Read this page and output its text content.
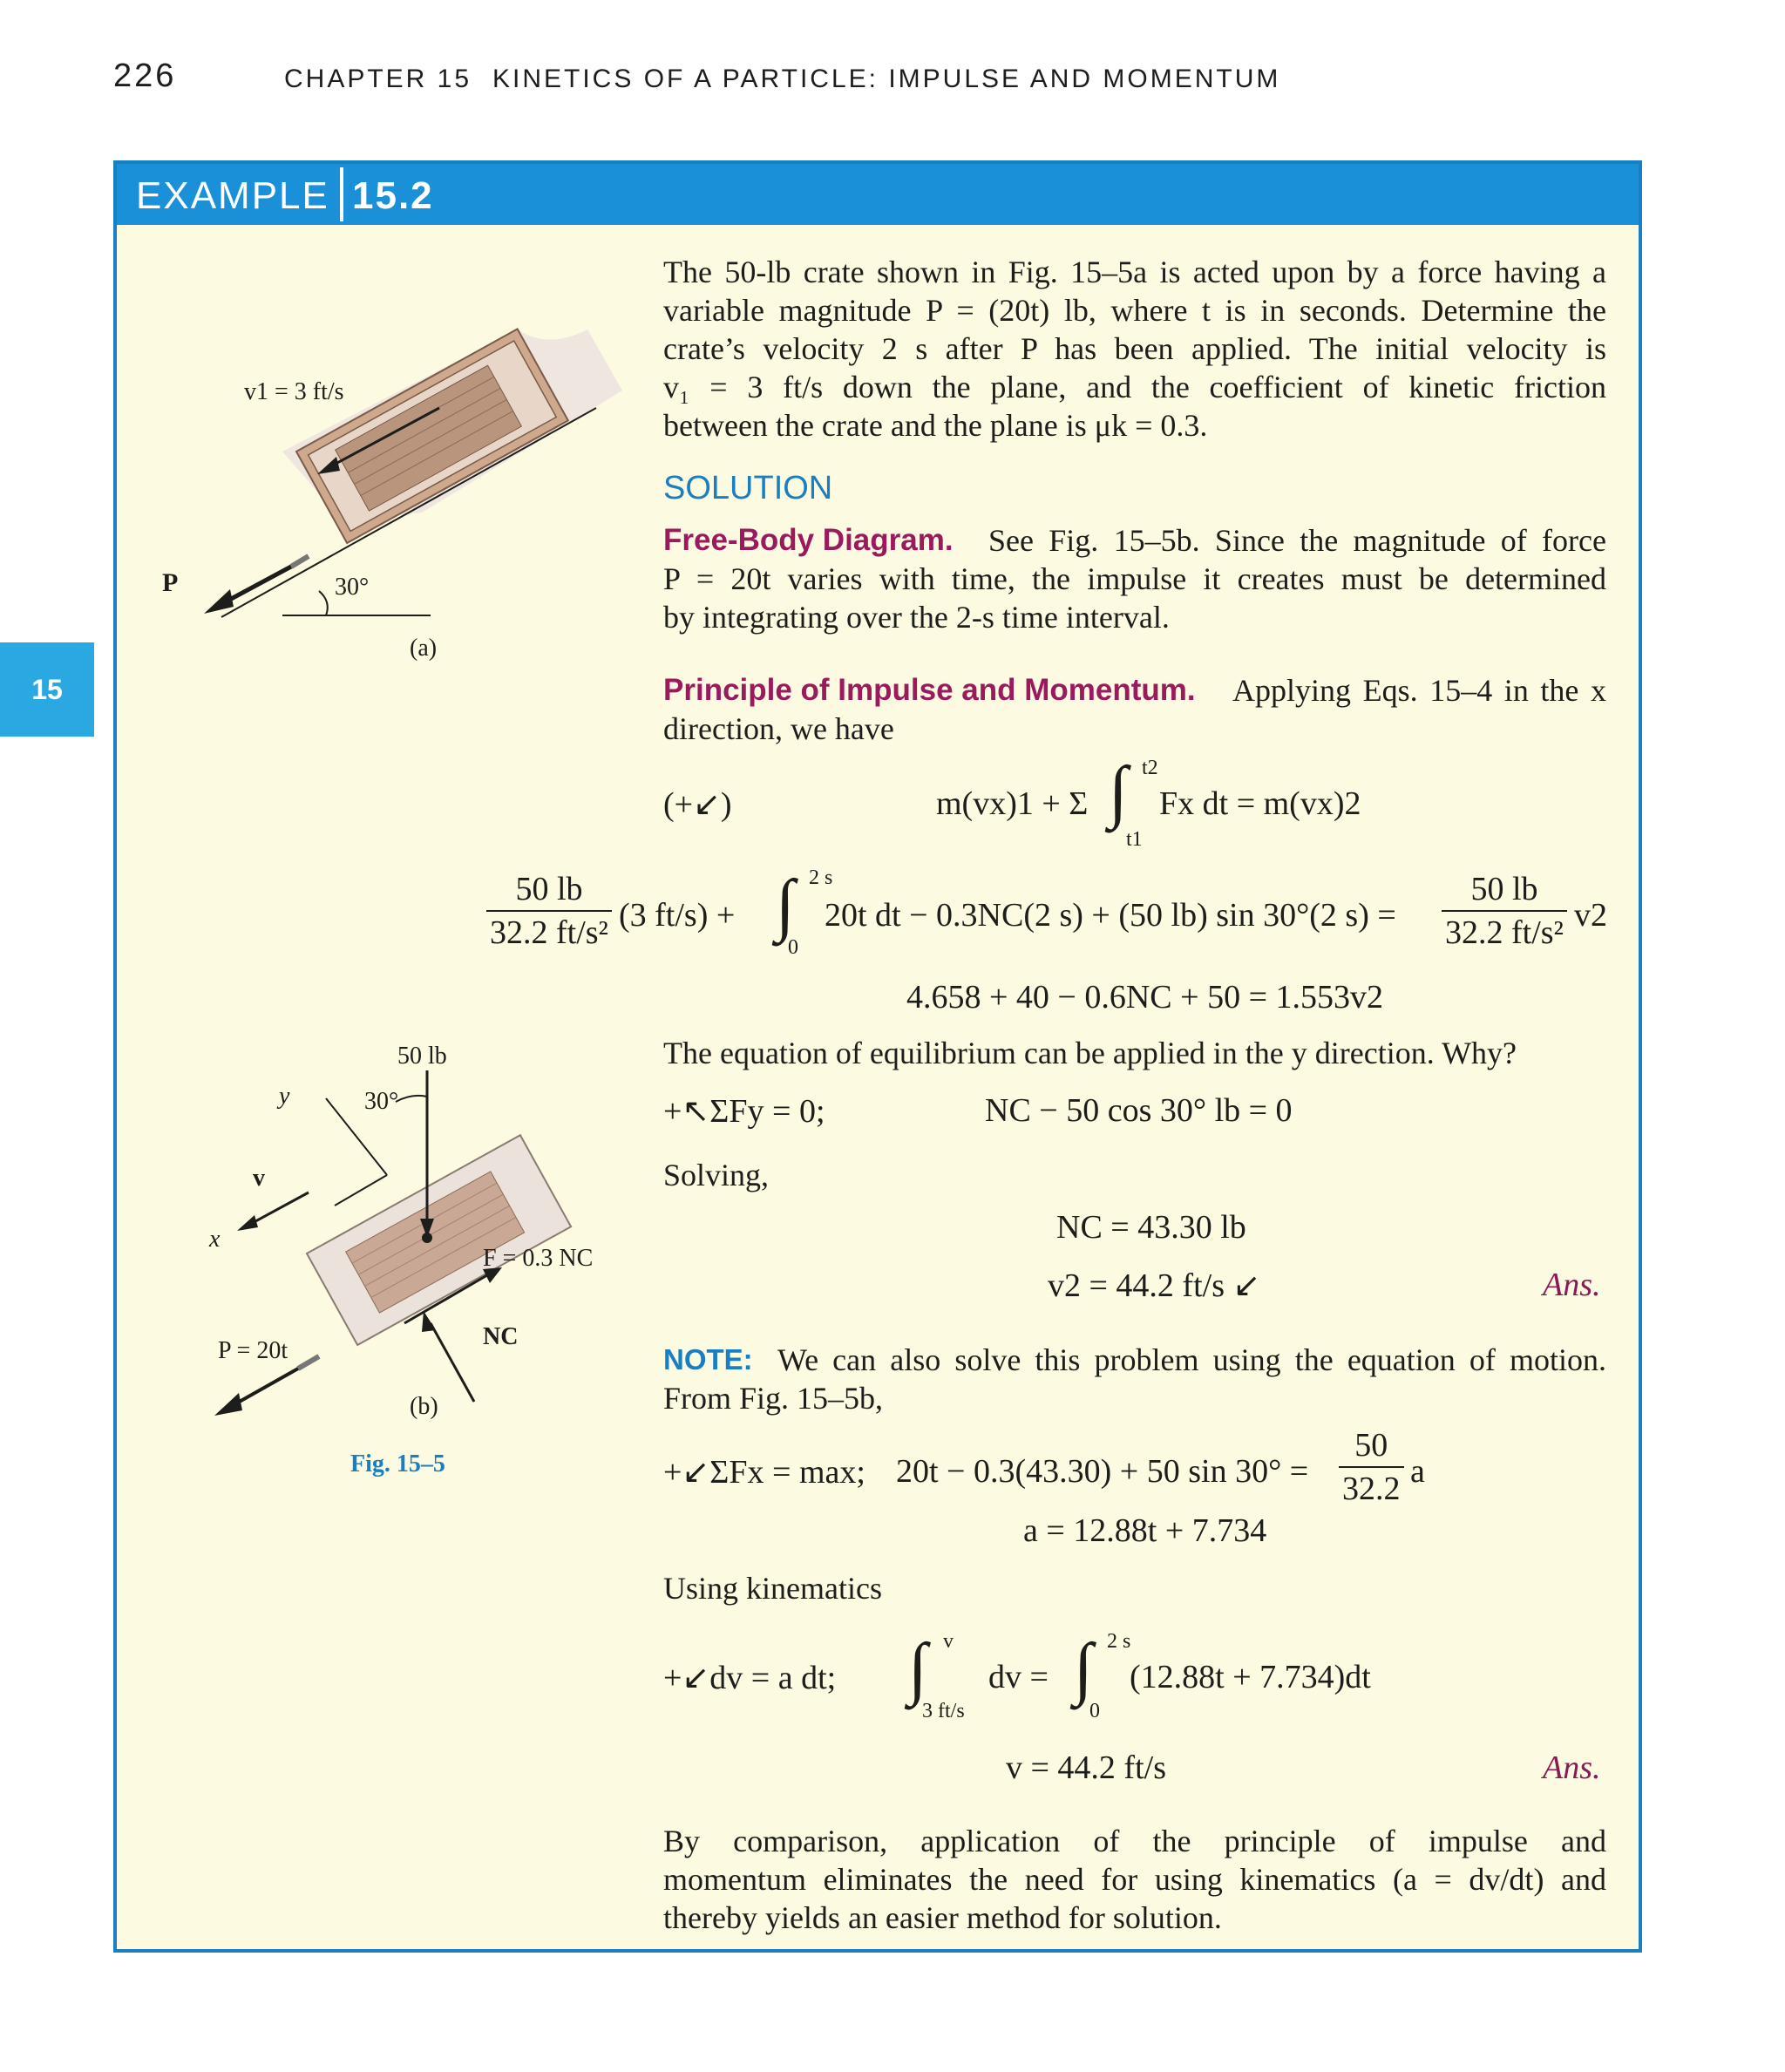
226	CHAPTER 15 KINETICS OF A PARTICLE: IMPULSE AND MOMENTUM
15
EXAMPLE 15.2
The 50-lb crate shown in Fig. 15–5a is acted upon by a force having a
variable magnitude P = (20t) lb, where t is in seconds. Determine the
crate’s velocity 2 s after P has been applied. The initial velocity is
v₁ = 3 ft/s down the plane, and the coefficient of kinetic friction
between the crate and the plane is μk = 0.3.
SOLUTION
Free-Body Diagram. See Fig. 15–5b. Since the magnitude of force
P = 20t varies with time, the impulse it creates must be determined
by integrating over the 2-s time interval.
Principle of Impulse and Momentum. Applying Eqs. 15–4 in the x
direction, we have
(+↙)	m(vx)1 + Σ ∫ t2
t1
Fx dt = m(vx)2
$\frac{50 lb}{\text{32.2 ft/s²}} (3$ ft/s) + ∫ 2 s
0
20t dt − 0.3NC(2 s) + (50 lb) sin 30°(2 $s) = \frac{50 lb}{\text{32.2 ft/s²}} v2$
4.658 + 40 − 0.6NC + 50 = 1.553v2
The equation of equilibrium can be applied in the y direction. Why?
+↖ΣFy = 0;	NC − 50 cos 30° lb = 0
Solving,
NC = 43.30 lb
v2 = 44.2 ft/s ↙	Ans.
NOTE: We can also solve this problem using the equation of motion.
From Fig. 15–5b,
+↙ΣFx = max; 20t − 0.3(43.30) + 50 $\sin 30^\circ = \frac{50}{32.2}$ a
a = 12.88t + 7.734
Using kinematics
+↙dv = a dt; ∫ v
3 ft/s
dv = ∫ 2 s
0
(12.88t + 7.734)dt
v = 44.2 ft/s	Ans.
By comparison, application of the principle of impulse and
momentum eliminates the need for using kinematics (a = dv/dt) and
thereby yields an easier method for solution.
v1 = 3 ft/s
P	30°
(a)
50 lb
30°
y
x
v
F = 0.3 NC
NC
P = 20t
(b)
Fig. 15–5
